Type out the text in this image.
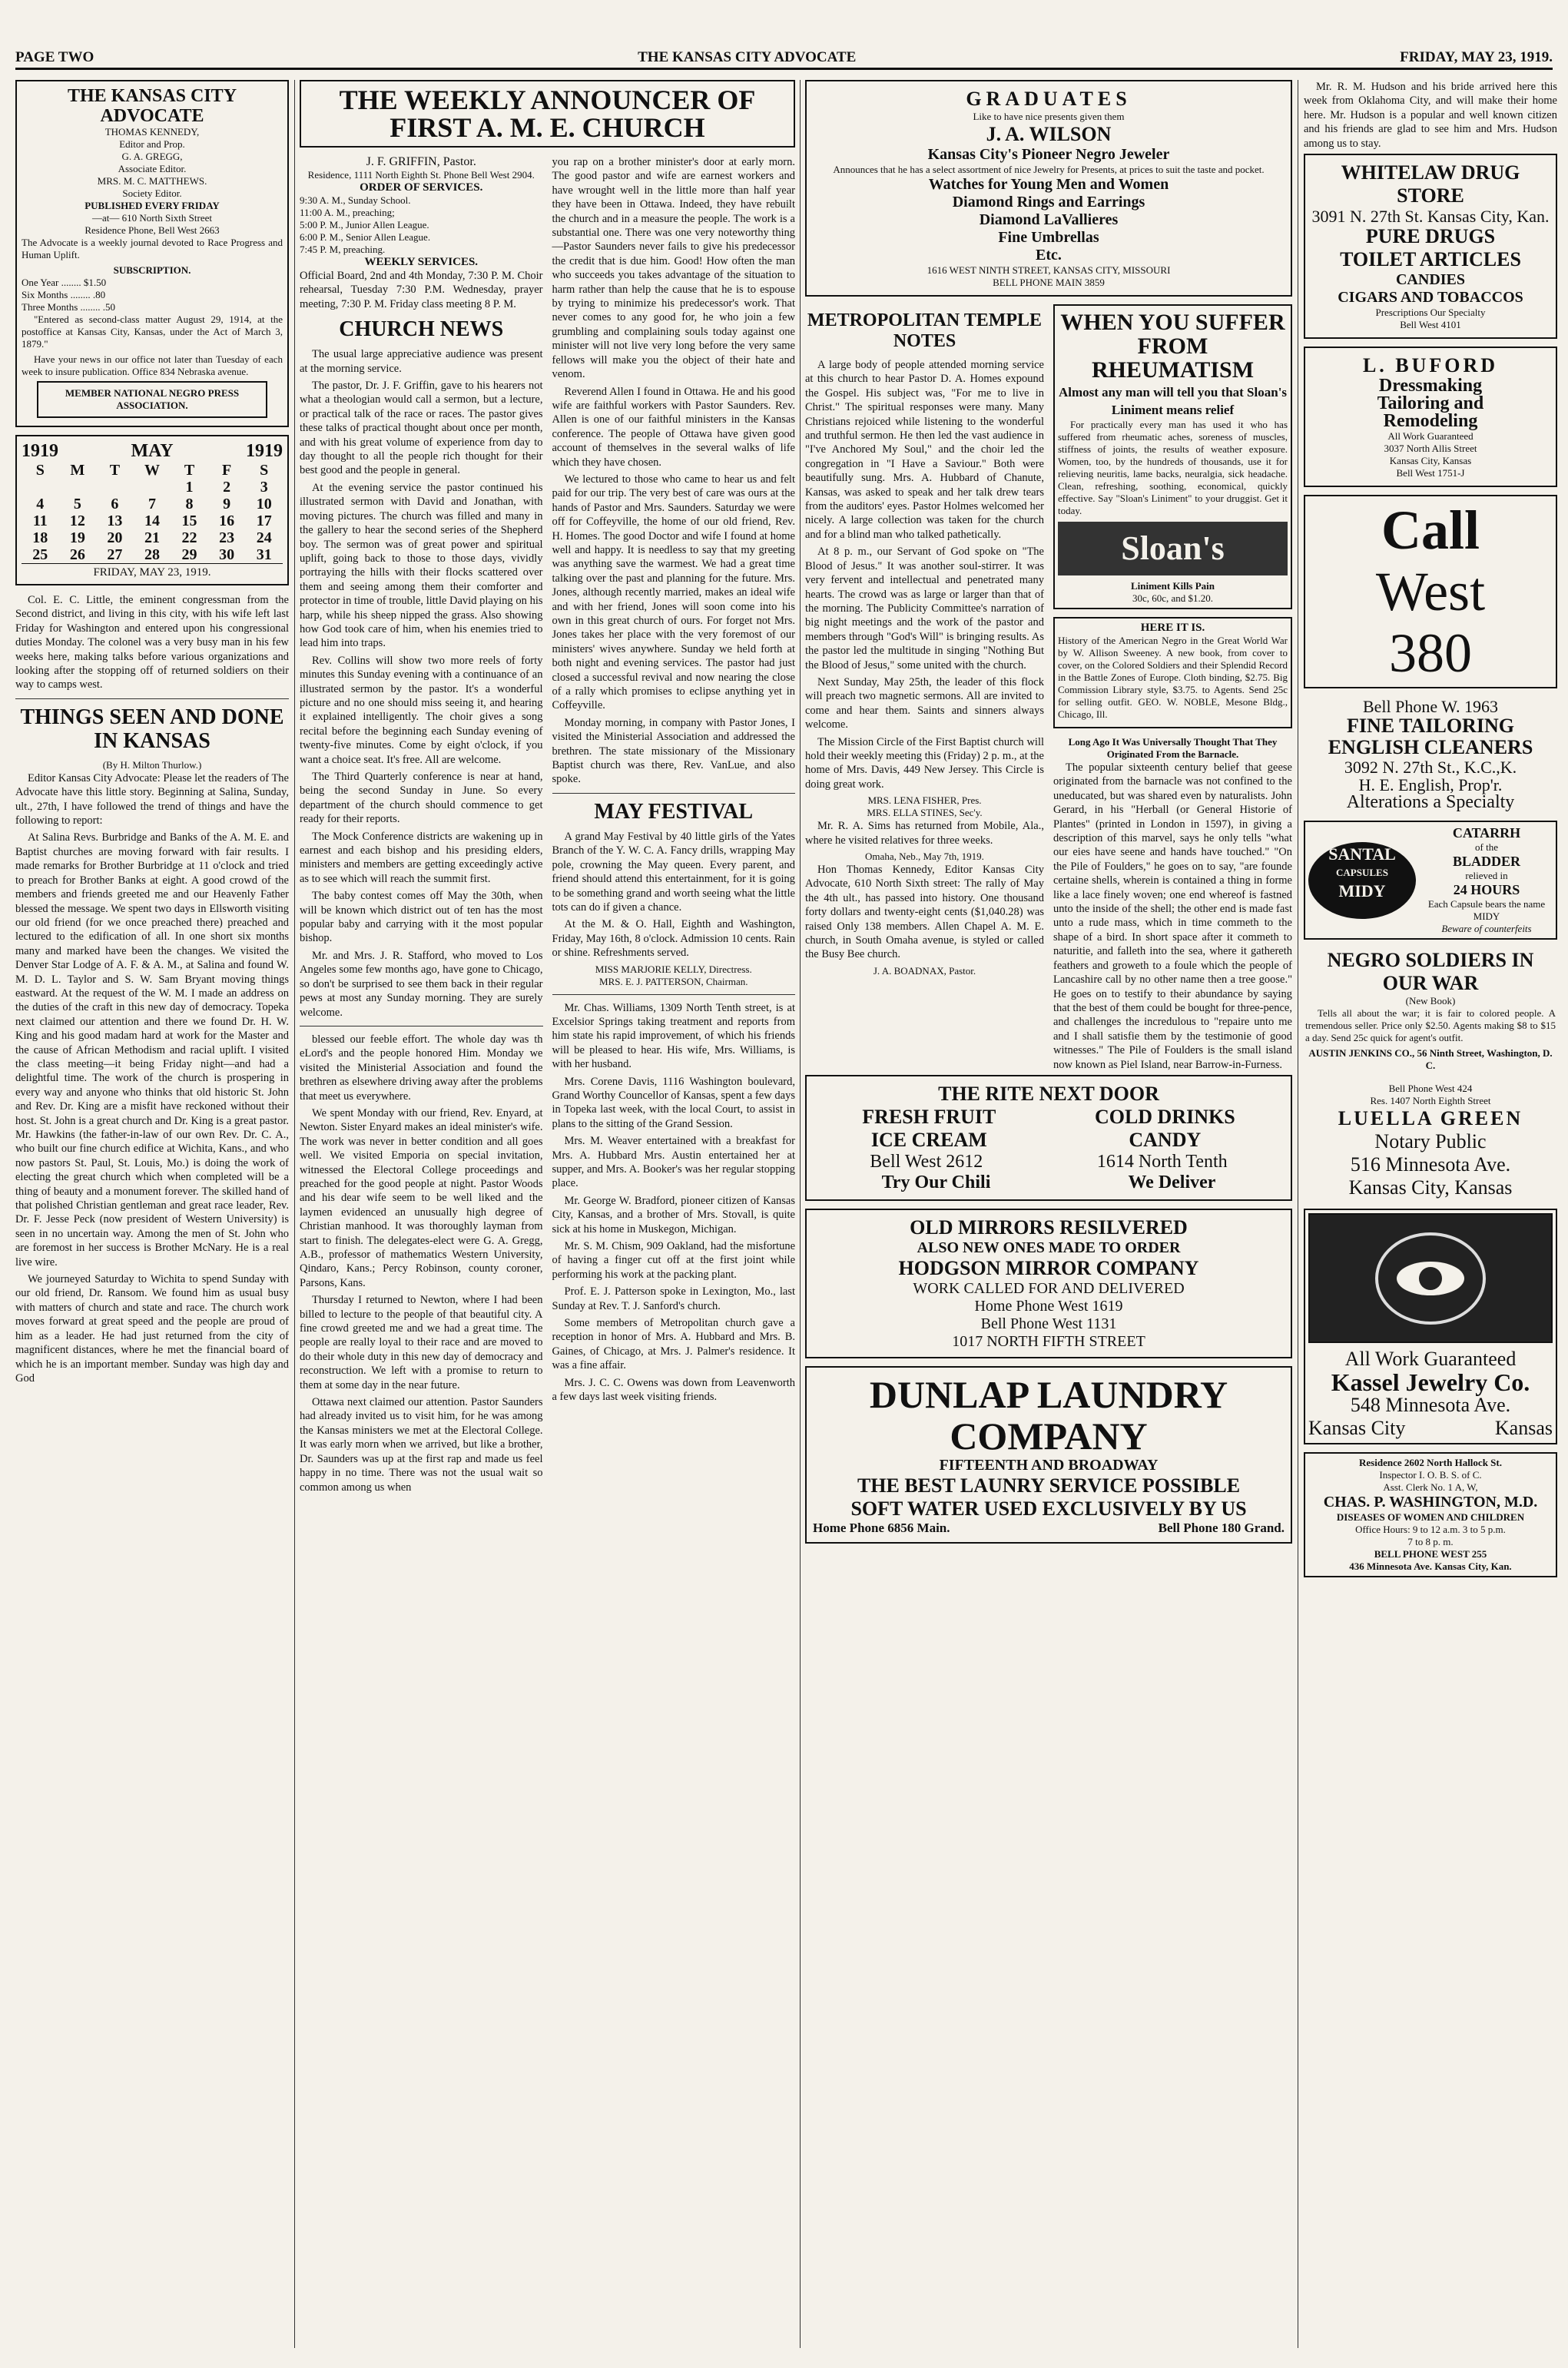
PAGE TWO	THE KANSAS CITY ADVOCATE	FRIDAY, MAY 23, 1919.
THE KANSAS CITY ADVOCATE
THOMAS KENNEDY,
Editor and Prop.
G. A. GREGG,
Associate Editor.
MRS. M. C. MATTHEWS.
Society Editor.
PUBLISHED EVERY FRIDAY
—at— 610 North Sixth Street
Residence Phone, Bell West 2663

The Advocate is a weekly journal devoted to Race Progress and Human Uplift.

SUBSCRIPTION.
One Year ........ $1.50
Six Months ........ .80
Three Months ........ .50

"Entered as second-class matter August 29, 1914, at the postoffice at Kansas City, Kansas, under the Act of March 3, 1879."

Have your news in our office not later than Tuesday of each week to insure publication. Office 834 Nebraska avenue.

MEMBER NATIONAL NEGRO PRESS ASSOCIATION.
1919	MAY	1919
S	M	T	W	T	F	S
				1	2	3
4	5	6	7	8	9	10
11	12	13	14	15	16	17
18	19	20	21	22	23	24
25	26	27	28	29	30	31
FRIDAY, MAY 23, 1919.

Col. E. C. Little, the eminent congressman from the Second district, and living in this city, with his wife left last Friday for Washington and entered upon his congressional duties Monday. The colonel was a very busy man in his few weeks here, making talks before various organizations and looking after the stopping off of returned soldiers on their way to camps west.

THINGS SEEN AND DONE IN KANSAS
(By H. Milton Thurlow.)

Editor Kansas City Advocate: Please let the readers of The Advocate have this little story. Beginning at Salina, Sunday, ult., 27th, I have followed the trend of things and have the following to report:

At Salina Revs. Burbridge and Banks of the A. M. E. and Baptist churches are moving forward with fair results. I made remarks for Brother Burbridge at 11 o'clock and tried to preach for Brother Banks at eight. A good crowd of the members and friends greeted me and our Heavenly Father blessed the message. We spent two days in Ellsworth visiting our old friend (for we once preached there) preached and lectured to the edification of all. In one short six months many and marked have been the changes. We visited the Denver Star Lodge of A. F. & A. M., at Salina and found W. M. D. L. Taylor and S. W. Sam Bryant moving things eastward. At the request of the W. M. I made an address on the duties of the craft in this new day of democracy. Topeka next claimed our attention and there we found Dr. H. W. King and his good madam hard at work for the Master and the cause of African Methodism and racial uplift. I visited the class meeting—it being Friday night—and had a delightful time. The work of the church is prospering in every way and anyone who thinks that old historic St. John and Rev. Dr. King are a misfit have reckoned without their host. St. John is a great church and Dr. King is a great pastor. Mr. Hawkins (the father-in-law of our own Rev. Dr. C. A., who built our fine church edifice at Wichita, Kans., and who now pastors St. Paul, St. Louis, Mo.) is doing the work of electing the great church which when completed will be a thing of beauty and a monument forever. The skilled hand of that polished Christian gentleman and great race leader, Rev. Dr. F. Jesse Peck (now president of Western University) is seen in no uncertain way. Among the men of St. John who are foremost in her success is Brother McNary. He is a real live wire.

We journeyed Saturday to Wichita to spend Sunday with our old friend, Dr. Ransom. We found him as usual busy with matters of church and state and race. The church work moves forward at great speed and the people are proud of him as a leader. He had just returned from the city of magnificent distances, where he met the financial board of which he is an important member. Sunday was high day and God

THE WEEKLY ANNOUNCER OF FIRST A. M. E. CHURCH
J. F. GRIFFIN, Pastor.
Residence, 1111 North Eighth St. Phone Bell West 2904.
ORDER OF SERVICES.
9:30 A. M., Sunday School.
11:00 A. M., preaching;
5:00 P. M., Junior Allen League.
6:00 P. M., Senior Allen League.
7:45 P. M, preaching.
WEEKLY SERVICES.

Official Board, 2nd and 4th Monday, 7:30 P. M. Choir rehearsal, Tuesday 7:30 P.M. Wednesday, prayer meeting, 7:30 P. M. Friday class meeting 8 P. M.

CHURCH NEWS

The usual large appreciative audience was present at the morning service.

The pastor, Dr. J. F. Griffin, gave to his hearers not what a theologian would call a sermon, but a lecture, or practical talk of the race or races. The pastor gives these talks of practical thought about once per month, and with his great volume of experience from day to day thought to all the people rich thought for their best good and the people in general.

At the evening service the pastor continued his illustrated sermon with David and Jonathan, with moving pictures. The church was filled and many in the gallery to hear the second series of the Shepherd boy. The sermon was of great power and spiritual uplift, going back to those to those days, vividly portraying the hills with their flocks scattered over them and seeing among them their comforter and protector in time of trouble, little David playing on his harp, while his sheep nipped the grass. Also showing how God took care of him, when his enemies tried to lead him into traps.

Rev. Collins will show two more reels of forty minutes this Sunday evening with a continuance of an illustrated sermon by the pastor. It's a wonderful picture and no one should miss seeing it, and hearing it explained intelligently. The choir gives a song recital before the beginning each Sunday evening of twenty-five minutes. Come by eight o'clock, if you want a choice seat. It's free. All are welcome.

The Third Quarterly conference is near at hand, being the second Sunday in June. So every department of the church should commence to get ready for their reports.

The Mock Conference districts are wakening up in earnest and each bishop and his presiding elders, ministers and members are getting exceedingly active as to see which will reach the summit first.

The baby contest comes off May the 30th, when will be known which district out of ten has the most popular baby and carrying with it the most popular bishop.

Mr. and Mrs. J. R. Stafford, who moved to Los Angeles some few months ago, have gone to Chicago, so don't be surprised to see them back in their regular pews at most any Sunday morning. They are surely welcome.

blessed our feeble effort. The whole day was th eLord's and the people honored Him. Monday we visited the Ministerial Association and found the brethren as elsewhere driving away after the problems that meet us everywhere.

We spent Monday with our friend, Rev. Enyard, at Newton. Sister Enyard makes an ideal minister's wife. The work was never in better condition and all goes well. We visited Emporia on special invitation, witnessed the Electoral College proceedings and preached for the good people at night. Pastor Woods and his dear wife seem to be well liked and the laymen evidenced an unusually high degree of Christian manhood. It was thoroughly layman from start to finish. The delegates-elect were G. A. Gregg, A.B., professor of mathematics Western University, Qindaro, Kans.; Percy Robinson, county coroner, Parsons, Kans.

Thursday I returned to Newton, where I had been billed to lecture to the people of that beautiful city. A fine crowd greeted me and we had a great time. The people are really loyal to their race and are moved to do their whole duty in this new day of democracy and reconstruction. We left with a promise to return to them at some day in the near future.

Ottawa next claimed our attention. Pastor Saunders had already invited us to visit him, for he was among the Kansas ministers we met at the Electoral College. It was early morn when we arrived, but like a brother, Dr. Saunders was up at the first rap and made us feel happy in no time. There was not the usual wait so common among us when

you rap on a brother minister's door at early morn. The good pastor and wife are earnest workers and have wrought well in the little more than half year they have been in Ottawa. Indeed, they have rebuilt the church and in a measure the people. The work is a substantial one. There was one very noteworthy thing—Pastor Saunders never fails to give his predecessor the credit that is due him. Good! How often the man who succeeds you takes advantage of the situation to harm rather than help the cause that he is to espouse by trying to minimize his predecessor's work. That never comes to any good for, he who join a few grumbling and complaining souls today against one minister will not live very long before the very same fellows will make you the object of their hate and venom.

Reverend Allen I found in Ottawa. He and his good wife are faithful workers with Pastor Saunders. Rev. Allen is one of our faithful ministers in the Kansas conference. The people of Ottawa have given good account of themselves in the several walks of life which they have chosen.

We lectured to those who came to hear us and felt paid for our trip. The very best of care was ours at the hands of Pastor and Mrs. Saunders. Saturday we were off for Coffeyville, the home of our old friend, Rev. H. Homes. The good Doctor and wife I found at home well and happy. It is needless to say that my greeting was anything save the warmest. We had a great time talking over the past and planning for the future. Mrs. Jones, although recently married, makes an ideal wife and with her friend, Jones will soon come into his own in this great church of ours. For forget not Mrs. Jones takes her place with the very foremost of our ministers' wives anywhere. Sunday we held forth at both night and evening services. The pastor had just closed a successful revival and now nearing the close of a rally which promises to eclipse anything yet in Coffeyville.

Monday morning, in company with Pastor Jones, I visited the Ministerial Association and addressed the brethren. The state missionary of the Missionary Baptist church was there, Rev. VanLue, and also spoke.

MAY FESTIVAL

A grand May Festival by 40 little girls of the Yates Branch of the Y. W. C. A. Fancy drills, wrapping May pole, crowning the May queen. Every parent, and friend should attend this entertainment, for it is going to be something grand and worth seeing what the little tots can do if given a chance.

At the M. & O. Hall, Eighth and Washington, Friday, May 16th, 8 o'clock. Admission 10 cents. Rain or shine. Refreshments served.

MISS MARJORIE KELLY, Directress.
MRS. E. J. PATTERSON, Chairman.

Mr. Chas. Williams, 1309 North Tenth street, is at Excelsior Springs taking treatment and reports from him state his rapid improvement, of which his friends will be pleased to hear. His wife, Mrs. Williams, is with her husband.

Mrs. Corene Davis, 1116 Washington boulevard, Grand Worthy Councellor of Kansas, spent a few days in Topeka last week, with the local Court, to assist in plans to the sitting of the Grand Session.

Mrs. M. Weaver entertained with a breakfast for Mrs. A. Hubbard Mrs. Austin entertained her at supper, and Mrs. A. Booker's was her regular stopping place.

Mr. George W. Bradford, pioneer citizen of Kansas City, Kansas, and a brother of Mrs. Stovall, is quite sick at his home in Muskegon, Michigan.

Mr. S. M. Chism, 909 Oakland, had the misfortune of having a finger cut off at the first joint while performing his work at the packing plant.

Prof. E. J. Patterson spoke in Lexington, Mo., last Sunday at Rev. T. J. Sanford's church.

Some members of Metropolitan church gave a reception in honor of Mrs. A. Hubbard and Mrs. B. Gaines, of Chicago, at Mrs. J. Palmer's residence. It was a fine affair.

Mrs. J. C. C. Owens was down from Leavenworth a few days last week visiting friends.

GRADUATES
Like to have nice presents given them
J. A. WILSON
Kansas City's Pioneer Negro Jeweler
Announces that he has a select assortment of nice Jewelry for Presents, at prices to suit the taste and pocket.
Watches for Young Men and Women
Diamond Rings and Earrings
Diamond LaVallieres
Fine Umbrellas
Etc.
1616 WEST NINTH STREET, KANSAS CITY, MISSOURI
BELL PHONE MAIN 3859
METROPOLITAN TEMPLE NOTES

A large body of people attended morning service at this church to hear Pastor D. A. Homes expound the Gospel. His subject was, "For me to live in Christ." The spiritual responses were many. Many Christians rejoiced while listening to the wonderful and truthful sermon. He then led the vast audience in "I've Anchored My Soul," and the choir led the congregation in "I Have a Saviour." Both were beautifully sung. Mrs. A. Hubbard of Chanute, Kansas, was asked to speak and her talk drew tears from the auditors' eyes. Pastor Holmes welcomed her nicely. A large collection was taken for the church and for a blind man who talked pathetically.

At 8 p. m., our Servant of God spoke on "The Blood of Jesus." It was another soul-stirrer. It was very fervent and intellectual and penetrated many hearts. The crowd was as large or larger than that of the morning. The Publicity Committee's narration of big night meetings and the work of the pastor and members through "God's Will" is bringing results. As the pastor led the multitude in singing "Nothing But the Blood of Jesus," some united with the church.

Next Sunday, May 25th, the leader of this flock will preach two magnetic sermons. All are invited to come and hear them. Saints and sinners always welcome.

The Mission Circle of the First Baptist church will hold their weekly meeting this (Friday) 2 p. m., at the home of Mrs. Davis, 449 New Jersey. This Circle is doing great work.

MRS. LENA FISHER, Pres.
MRS. ELLA STINES, Sec'y.

Mr. R. A. Sims has returned from Mobile, Ala., where he visited relatives for three weeks.

Omaha, Neb., May 7th, 1919.

Hon Thomas Kennedy, Editor Kansas City Advocate, 610 North Sixth street: The rally of May the 4th ult., has passed into history. One thousand forty dollars and twenty-eight cents ($1,040.28) was raised Only 138 members. Allen Chapel A. M. E. church, in South Omaha avenue, is styled or called the Busy Bee church.

J. A. BOADNAX, Pastor.
WHEN YOU SUFFER FROM RHEUMATISM
Almost any man will tell you that Sloan's Liniment means relief

For practically every man has used it who has suffered from rheumatic aches, soreness of muscles, stiffness of joints, the results of weather exposure. Women, too, by the hundreds of thousands, use it for relieving neuritis, lame backs, neuralgia, sick headache. Clean, refreshing, soothing, economical, quickly effective. Say "Sloan's Liniment" to your druggist. Get it today.

Sloan's
Liniment Kills Pain
30c, 60c, and $1.20.
HERE IT IS.

History of the American Negro in the Great World War by W. Allison Sweeney. A new book, from cover to cover, on the Colored Soldiers and their Splendid Record in the Battle Zones of Europe. Cloth binding, $2.75. Big Commission Library style, $3.75. to Agents. Send 25c for selling outfit. GEO. W. NOBLE, Mesone Bldg., Chicago, Ill.

Long Ago It Was Universally Thought That They Originated From the Barnacle.

The popular sixteenth century belief that geese originated from the barnacle was not confined to the uneducated, but was shared even by naturalists. John Gerard, in his "Herball (or General Historie of Plantes" (printed in London in 1597), in giving a description of this marvel, says he only tells "what our eies have seene and hands have touched." "On the Pile of Foulders," he goes on to say, "are founde certaine shells, wherein is contained a thing in forme like a lace finely woven; one end whereof is fastned unto the inside of the shell; the other end is made fast unto a rude mass, which in time commeth to the shape of a bird. In short space after it commeth to naturitie, and falleth into the sea, where it gathereth feathers and groweth to a foule which the people of Lancashire call by no other name then a tree goose." He goes on to testify to their abundance by saying that the best of them could be bought for three-pence, and challenges the incredulous to "repaire unto me and I shall satisfie them by the testimonie of good witnesses." The Pile of Foulders is the small island now known as Piel Island, near Barrow-in-Furness.

THE RITE NEXT DOOR
FRESH FRUIT
ICE CREAM
COLD DRINKS
CANDY
Bell West 2612	1614 North Tenth
Try Our Chili	We Deliver
OLD MIRRORS RESILVERED
ALSO NEW ONES MADE TO ORDER
HODGSON MIRROR COMPANY
WORK CALLED FOR AND DELIVERED
Home Phone West 1619
Bell Phone West 1131
1017 NORTH FIFTH STREET
DUNLAP LAUNDRY COMPANY
FIFTEENTH AND BROADWAY
THE BEST LAUNRY SERVICE POSSIBLE
SOFT WATER USED EXCLUSIVELY BY US
Home Phone 6856 Main.	Bell Phone 180 Grand.

Mr. R. M. Hudson and his bride arrived here this week from Oklahoma City, and will make their home here. Mr. Hudson is a popular and well known citizen and his friends are glad to see him and Mrs. Hudson among us to stay.

WHITELAW DRUG STORE
3091 N. 27th St. Kansas City, Kan.
PURE DRUGS
TOILET ARTICLES
CANDIES
CIGARS AND TOBACCOS
Prescriptions Our Specialty
Bell West 4101
L. BUFORD
Dressmaking
Tailoring and
Remodeling
All Work Guaranteed
3037 North Allis Street
Kansas City, Kansas
Bell West 1751-J
Call
West
380
Bell Phone W. 1963
FINE TAILORING ENGLISH CLEANERS
3092 N. 27th St., K.C.,K.
H. E. English, Prop'r.
Alterations a Specialty
SANTAL
CAPSULES
MIDY
CATARRH
of the
BLADDER
relieved in
24 HOURS
Each Capsule bears the name MIDY
Beware of counterfeits
NEGRO SOLDIERS IN OUR WAR
(New Book)

Tells all about the war; it is fair to colored people. A tremendous seller. Price only $2.50. Agents making $8 to $15 a day. Send 25c quick for agent's outfit.

AUSTIN JENKINS CO., 56 Ninth Street, Washington, D. C.
Bell Phone West 424
Res. 1407 North Eighth Street
LUELLA GREEN
Notary Public
516 Minnesota Ave.
Kansas City, Kansas
All Work Guaranteed
Kassel Jewelry Co.
548 Minnesota Ave.
Kansas City	Kansas
Residence 2602 North Hallock St.
Inspector I. O. B. S. of C.
Asst. Clerk No. 1 A, W,
CHAS. P. WASHINGTON, M.D.
DISEASES OF WOMEN AND CHILDREN
Office Hours: 9 to 12 a.m. 3 to 5 p.m.
7 to 8 p. m.
BELL PHONE WEST 255
436 Minnesota Ave. Kansas City, Kan.
